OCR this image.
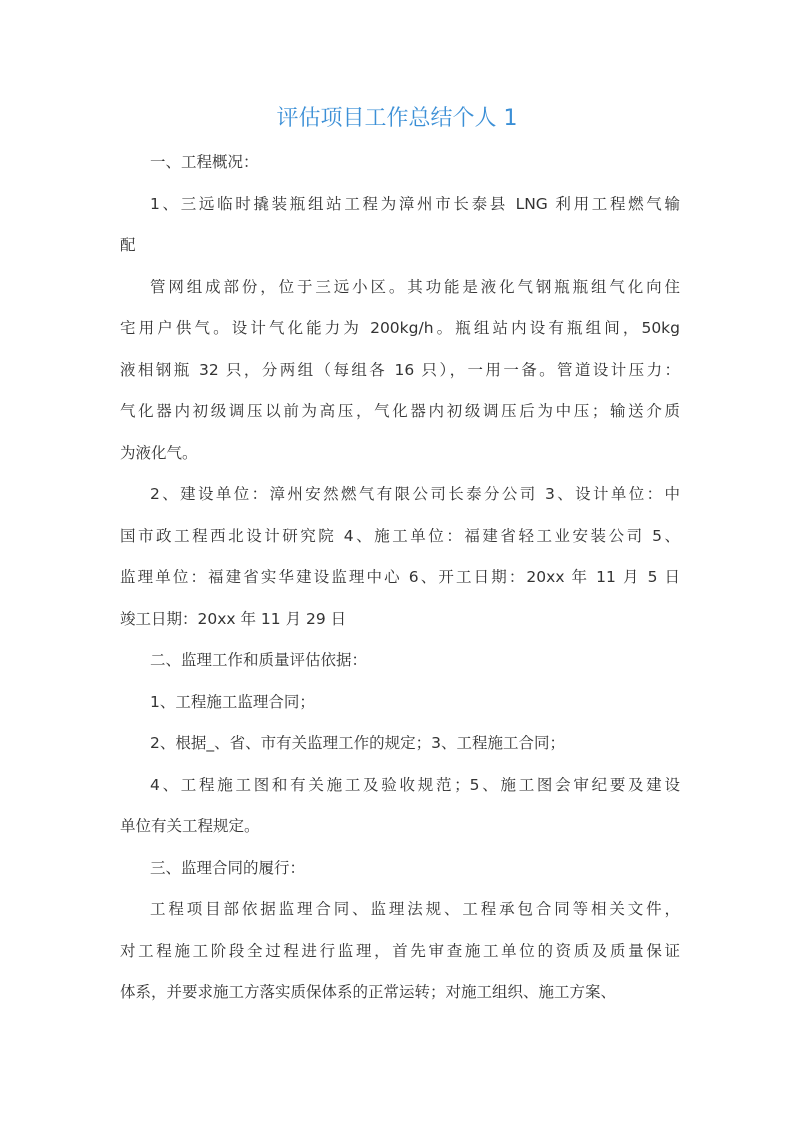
评估项目工作总结个人 1
一、工程概况：
1、三远临时撬装瓶组站工程为漳州市长泰县 LNG 利用工程燃气输
配
管网组成部份，位于三远小区。其功能是液化气钢瓶瓶组气化向住
宅用户供气。设计气化能力为 200kg/h。瓶组站内设有瓶组间，50kg
液相钢瓶 32 只，分两组（每组各 16 只），一用一备。管道设计压力：
气化器内初级调压以前为高压，气化器内初级调压后为中压；输送介质
为液化气。
2、建设单位：漳州安然燃气有限公司长泰分公司 3、设计单位：中
国市政工程西北设计研究院 4、施工单位：福建省轻工业安装公司 5、
监理单位：福建省实华建设监理中心 6、开工日期：20xx 年 11 月 5 日
竣工日期：20xx 年 11 月 29 日
二、监理工作和质量评估依据：
1、工程施工监理合同；
2、根据_、省、市有关监理工作的规定；3、工程施工合同；
4、工程施工图和有关施工及验收规范；5、施工图会审纪要及建设
单位有关工程规定。
三、监理合同的履行：
工程项目部依据监理合同、监理法规、工程承包合同等相关文件，
对工程施工阶段全过程进行监理，首先审查施工单位的资质及质量保证
体系，并要求施工方落实质保体系的正常运转；对施工组织、施工方案、
